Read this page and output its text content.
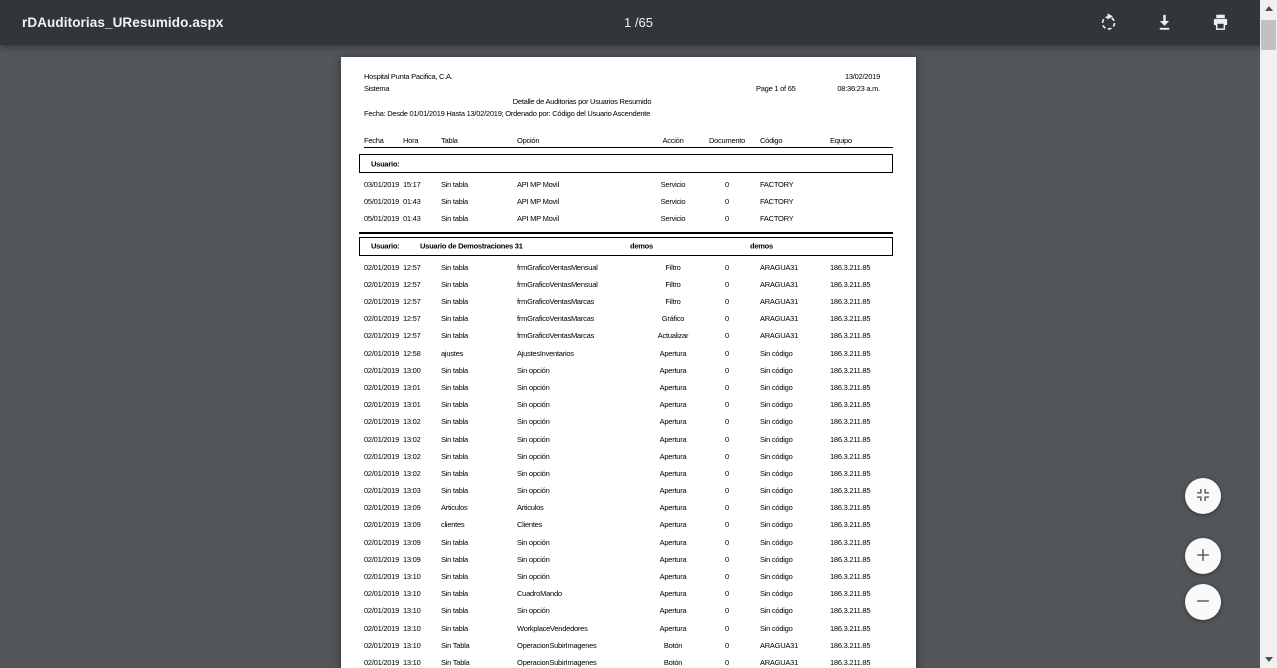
rDAuditorias_UResumido.aspx	1 /65
Hospital Punta Pacifica, C.A.	13/02/2019
Sistema	Page 1 of 65	08:36:23 a.m.
Detalle de Auditorias por Usuarios Resumido
Fecha: Desde 01/01/2019 Hasta 13/02/2019; Ordenado por: Código del Usuario Ascendente
Fecha	Hora	Tabla	Opción	Acción	Documento	Código	Equipo
Usuario:
03/01/2019 15:17	Sin tabla	API MP Movil	Servicio	0	FACTORY
05/01/2019 01:43	Sin tabla	API MP Movil	Servicio	0	FACTORY
05/01/2019 01:43	Sin tabla	API MP Movil	Servicio	0	FACTORY
Usuario:	Usuario de Demostraciones 31	demos	demos
02/01/2019 12:57	Sin tabla	frmGraficoVentasMensual	Filtro	0	ARAGUA31	186.3.211.85
02/01/2019 12:57	Sin tabla	frmGraficoVentasMensual	Filtro	0	ARAGUA31	186.3.211.85
02/01/2019 12:57	Sin tabla	frmGraficoVentasMarcas	Filtro	0	ARAGUA31	186.3.211.85
02/01/2019 12:57	Sin tabla	frmGraficoVentasMarcas	Gráfico	0	ARAGUA31	186.3.211.85
02/01/2019 12:57	Sin tabla	frmGraficoVentasMarcas	Actualizar	0	ARAGUA31	186.3.211.85
02/01/2019 12:58	ajustes	AjustesInventarios	Apertura	0	Sin código	186.3.211.85
02/01/2019 13:00	Sin tabla	Sin opción	Apertura	0	Sin código	186.3.211.85
02/01/2019 13:01	Sin tabla	Sin opción	Apertura	0	Sin código	186.3.211.85
02/01/2019 13:01	Sin tabla	Sin opción	Apertura	0	Sin código	186.3.211.85
02/01/2019 13:02	Sin tabla	Sin opción	Apertura	0	Sin código	186.3.211.85
02/01/2019 13:02	Sin tabla	Sin opción	Apertura	0	Sin código	186.3.211.85
02/01/2019 13:02	Sin tabla	Sin opción	Apertura	0	Sin código	186.3.211.85
02/01/2019 13:02	Sin tabla	Sin opción	Apertura	0	Sin código	186.3.211.85
02/01/2019 13:03	Sin tabla	Sin opción	Apertura	0	Sin código	186.3.211.85
02/01/2019 13:09	Articulos	Articulos	Apertura	0	Sin código	186.3.211.85
02/01/2019 13:09	clientes	Clientes	Apertura	0	Sin código	186.3.211.85
02/01/2019 13:09	Sin tabla	Sin opción	Apertura	0	Sin código	186.3.211.85
02/01/2019 13:09	Sin tabla	Sin opción	Apertura	0	Sin código	186.3.211.85
02/01/2019 13:10	Sin tabla	Sin opción	Apertura	0	Sin código	186.3.211.85
02/01/2019 13:10	Sin tabla	CuadroMando	Apertura	0	Sin código	186.3.211.85
02/01/2019 13:10	Sin tabla	Sin opción	Apertura	0	Sin código	186.3.211.85
02/01/2019 13:10	Sin tabla	WorkplaceVendedores	Apertura	0	Sin código	186.3.211.85
02/01/2019 13:10	Sin Tabla	OperacionSubirImagenes	Botón	0	ARAGUA31	186.3.211.85
02/01/2019 13:10	Sin Tabla	OperacionSubirImagenes	Botón	0	ARAGUA31	186.3.211.85
